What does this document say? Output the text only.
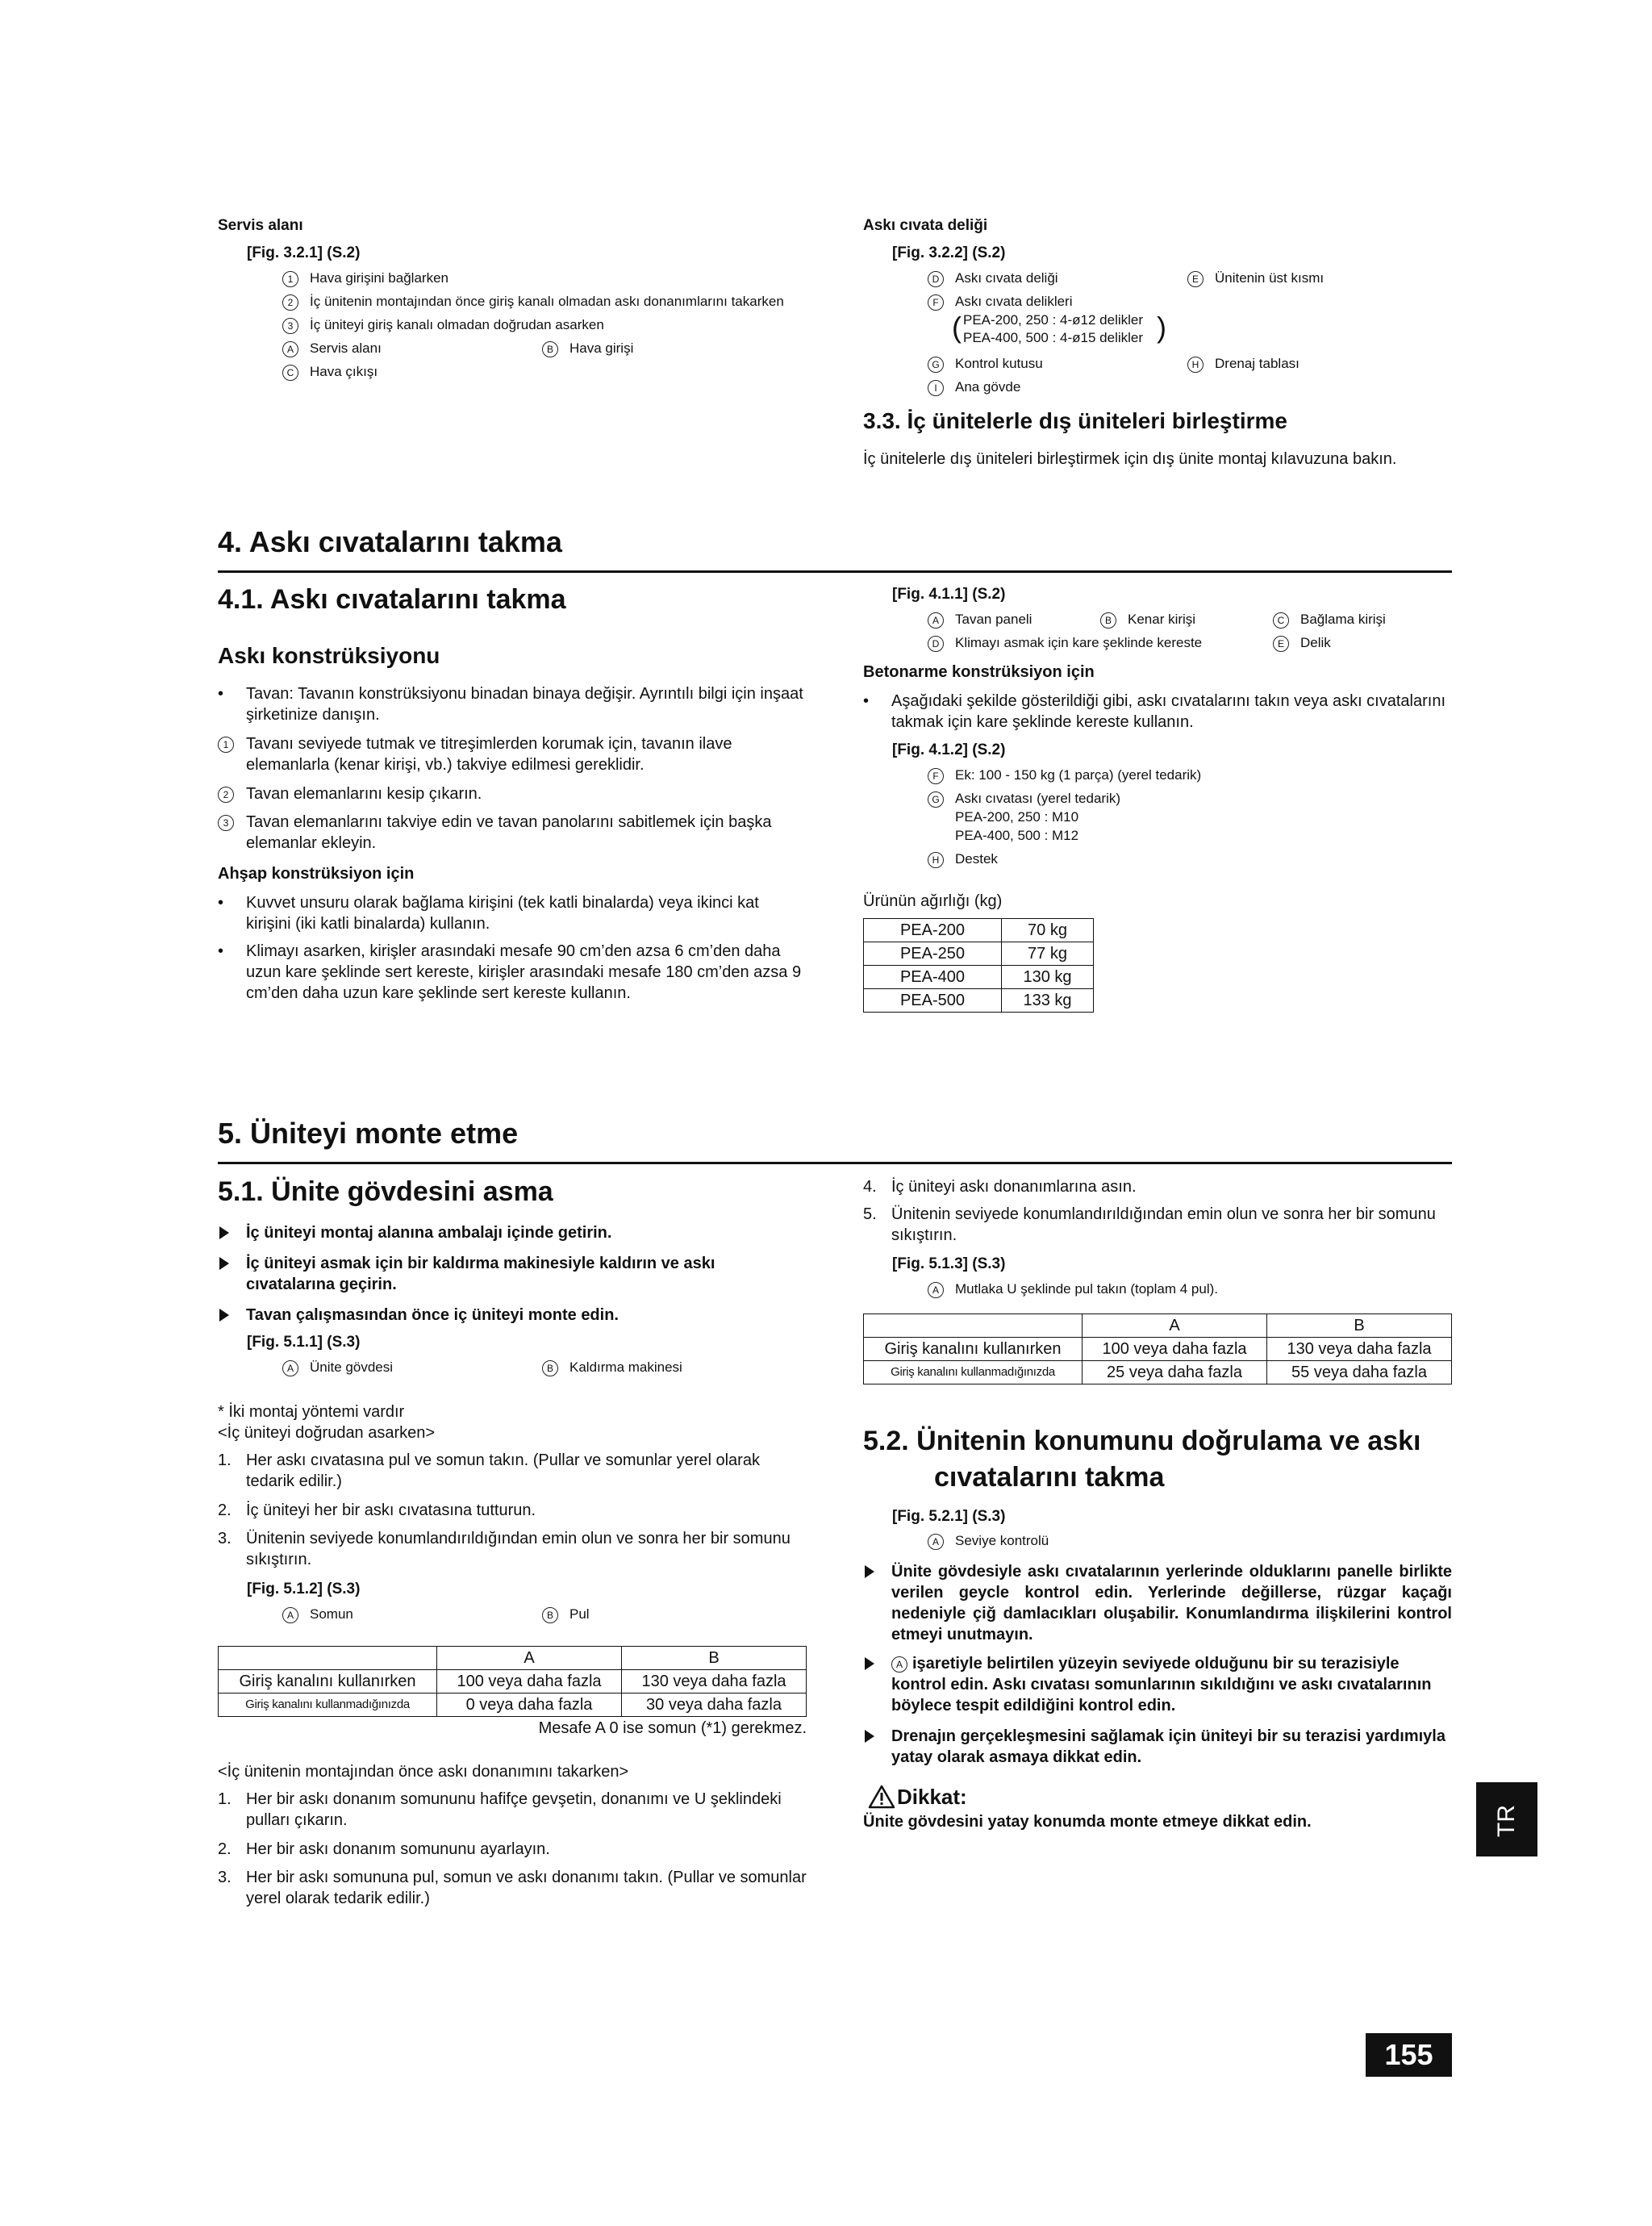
Servis alanı
[Fig. 3.2.1] (S.2)
1 Hava girişini bağlarken
2 İç ünitenin montajından önce giriş kanalı olmadan askı donanımlarını takarken
3 İç üniteyi giriş kanalı olmadan doğrudan asarken
A Servis alanı	B Hava girişi
C Hava çıkışı
Askı cıvata deliği
[Fig. 3.2.2] (S.2)
D Askı cıvata deliği	E Ünitenin üst kısmı
F Askı cıvata delikleri
( PEA-200, 250 : 4-ø12 delikler
PEA-400, 500 : 4-ø15 delikler )
G Kontrol kutusu	H Drenaj tablası
I Ana gövde
3.3. İç ünitelerle dış üniteleri birleştirme
İç ünitelerle dış üniteleri birleştirmek için dış ünite montaj kılavuzuna bakın.
4. Askı cıvatalarını takma
4.1. Askı cıvatalarını takma
Askı konstrüksiyonu
• Tavan: Tavanın konstrüksiyonu binadan binaya değişir. Ayrıntılı bilgi için inşaat şirketinize danışın.
1	Tavanı seviyede tutmak ve titreşimlerden korumak için, tavanın ilave elemanlarla (kenar kirişi, vb.) takviye edilmesi gereklidir.
2	Tavan elemanlarını kesip çıkarın.
3	Tavan elemanlarını takviye edin ve tavan panolarını sabitlemek için başka elemanlar ekleyin.
Ahşap konstrüksiyon için
• Kuvvet unsuru olarak bağlama kirişini (tek katli binalarda) veya ikinci kat kirişini (iki katli binalarda) kullanın.
• Klimayı asarken, kirişler arasındaki mesafe 90 cm’den azsa 6 cm’den daha uzun kare şeklinde sert kereste, kirişler arasındaki mesafe 180 cm’den azsa 9 cm’den daha uzun kare şeklinde sert kereste kullanın.
[Fig. 4.1.1] (S.2)
A Tavan paneli	B Kenar kirişi	C Bağlama kirişi
D Klimayı asmak için kare şeklinde kereste	E Delik
Betonarme konstrüksiyon için
• Aşağıdaki şekilde gösterildiği gibi, askı cıvatalarını takın veya askı cıvatalarını takmak için kare şeklinde kereste kullanın.
[Fig. 4.1.2] (S.2)
F Ek: 100 - 150 kg (1 parça) (yerel tedarik)
G Askı cıvatası (yerel tedarik)
PEA-200, 250 : M10
PEA-400, 500 : M12
H Destek
Ürünün ağırlığı (kg)
PEA-200	70 kg
PEA-250	77 kg
PEA-400	130 kg
PEA-500	133 kg
5. Üniteyi monte etme
5.1. Ünite gövdesini asma
İç üniteyi montaj alanına ambalajı içinde getirin.
İç üniteyi asmak için bir kaldırma makinesiyle kaldırın ve askı cıvatalarına geçirin.
Tavan çalışmasından önce iç üniteyi monte edin.
[Fig. 5.1.1] (S.3)
A Ünite gövdesi	B Kaldırma makinesi
* İki montaj yöntemi vardır
<İç üniteyi doğrudan asarken>
1. Her askı cıvatasına pul ve somun takın. (Pullar ve somunlar yerel olarak tedarik edilir.)
2. İç üniteyi her bir askı cıvatasına tutturun.
3. Ünitenin seviyede konumlandırıldığından emin olun ve sonra her bir somunu sıkıştırın.
[Fig. 5.1.2] (S.3)
A Somun	B Pul
	A	B
Giriş kanalını kullanırken	100 veya daha fazla	130 veya daha fazla
Giriş kanalını kullanmadığınızda	0 veya daha fazla	30 veya daha fazla
Mesafe A 0 ise somun (*1) gerekmez.
<İç ünitenin montajından önce askı donanımını takarken>
1. Her bir askı donanım somununu hafifçe gevşetin, donanımı ve U şeklindeki pulları çıkarın.
2. Her bir askı donanım somununu ayarlayın.
3. Her bir askı somununa pul, somun ve askı donanımı takın. (Pullar ve somunlar yerel olarak tedarik edilir.)
4. İç üniteyi askı donanımlarına asın.
5. Ünitenin seviyede konumlandırıldığından emin olun ve sonra her bir somunu sıkıştırın.
[Fig. 5.1.3] (S.3)
A Mutlaka U şeklinde pul takın (toplam 4 pul).
	A	B
Giriş kanalını kullanırken	100 veya daha fazla	130 veya daha fazla
Giriş kanalını kullanmadığınızda	25 veya daha fazla	55 veya daha fazla
5.2. Ünitenin konumunu doğrulama ve askı
cıvatalarını takma
[Fig. 5.2.1] (S.3)
A Seviye kontrolü
Ünite gövdesiyle askı cıvatalarının yerlerinde olduklarını panelle birlikte verilen geycle kontrol edin. Yerlerinde değillerse, rüzgar kaçağı nedeniyle çiğ damlacıkları oluşabilir. Konumlandırma ilişkilerini kontrol etmeyi unutmayın.
A işaretiyle belirtilen yüzeyin seviyede olduğunu bir su terazisiyle kontrol edin. Askı cıvatası somunlarının sıkıldığını ve askı cıvatalarının böylece tespit edildiğini kontrol edin.
Drenajın gerçekleşmesini sağlamak için üniteyi bir su terazisi yardımıyla yatay olarak asmaya dikkat edin.
Dikkat:
Ünite gövdesini yatay konumda monte etmeye dikkat edin.	TR
155
